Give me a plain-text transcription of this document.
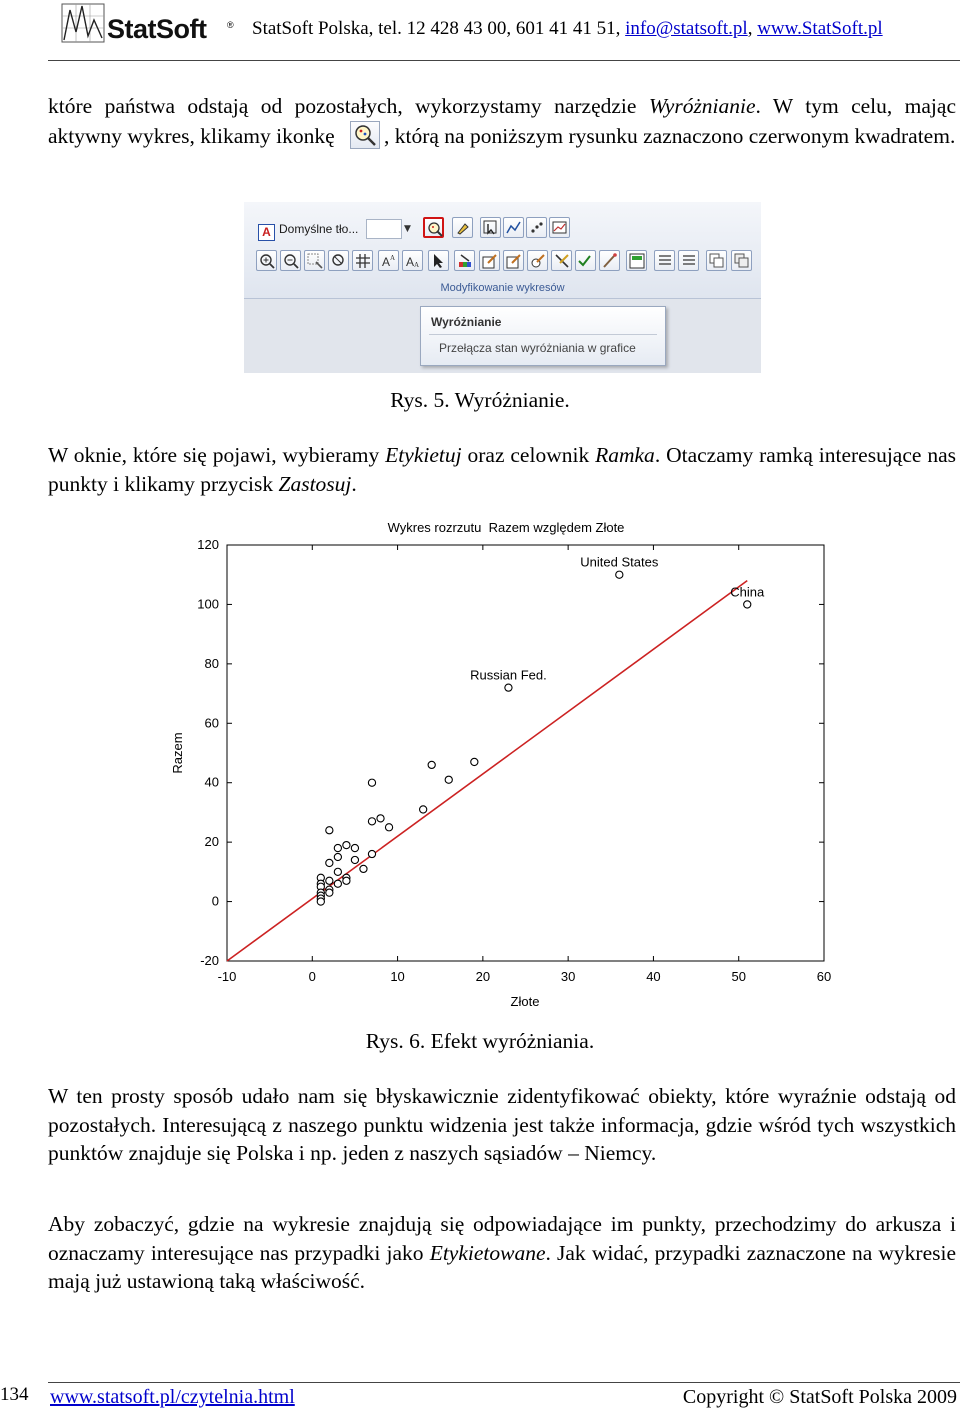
StatSoft ® StatSoft Polska, tel. 12 428 43 00, 601 41 41 51, info@statsoft.pl, www.StatSoft.pl
które państwa odstają od pozostałych, wykorzystamy narzędzie Wyróżnianie. W tym celu, mając aktywny wykres, klikamy ikonkę
, którą na poniższym rysunku zaznaczono czerwonym kwadratem.
A Domyślne tło...	▼
A A A A
Modyfikowanie wykresów
Wyróżnianie
Przełącza stan wyróżniania w grafice
Rys. 5. Wyróżnianie.
W oknie, które się pojawi, wybieramy Etykietuj oraz celownik Ramka. Otaczamy ramką interesujące nas punkty i klikamy przycisk Zastosuj.
Wykres rozrzutu  Razem względem Złote
Razem
Złote
-20
0
20
40
60
80
100
120
-10	0	10	20	30	40	50	60
United States
China
Russian Fed.
Rys. 6. Efekt wyróżniania.
W ten prosty sposób udało nam się błyskawicznie zidentyfikować obiekty, które wyraźnie odstają od pozostałych. Interesującą z naszego punktu widzenia jest także informacja, gdzie wśród tych wszystkich punktów znajduje się Polska i np. jeden z naszych sąsiadów – Niemcy.
Aby zobaczyć, gdzie na wykresie znajdują się odpowiadające im punkty, przechodzimy do arkusza i oznaczamy interesujące nas przypadki jako Etykietowane. Jak widać, przypadki zaznaczone na wykresie mają już ustawioną taką właściwość.
134 www.statsoft.pl/czytelnia.html	Copyright © StatSoft Polska 2009
